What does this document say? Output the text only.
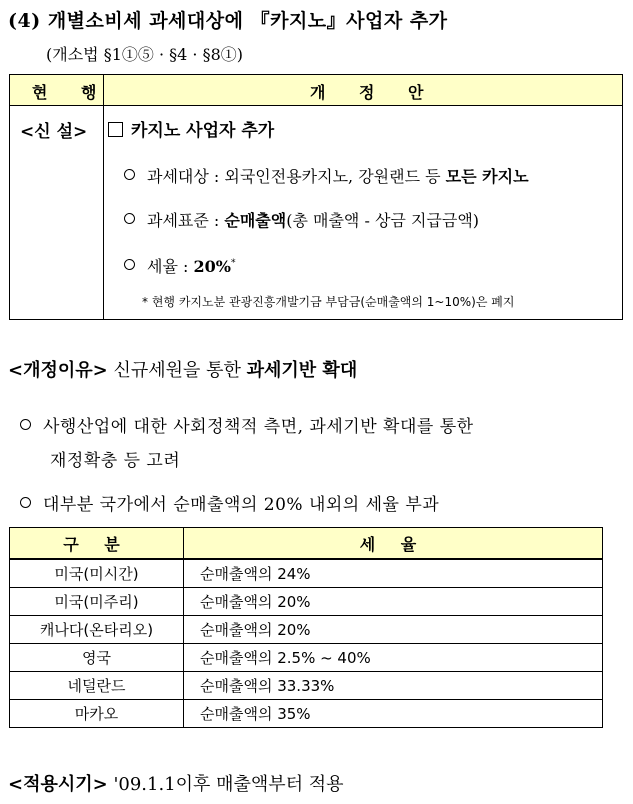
(4) 개별소비세 과세대상에 『카지노』사업자 추가
(개소법 §1①⑤ · §4 · §8①)
현 행	개 정 안
<신 설>	카지노 사업자 추가
과세대상 : 외국인전용카지노, 강원랜드 등 모든 카지노
과세표준 : 순매출액(총 매출액 - 상금 지급금액)
세율 : 20%*
* 현행 카지노분 관광진흥개발기금 부담금(순매출액의 1~10%)은 폐지
<개정이유> 신규세원을 통한 과세기반 확대
사행산업에 대한 사회정책적 측면, 과세기반 확대를 통한
재정확충 등 고려
대부분 국가에서 순매출액의 20% 내외의 세율 부과
구 분	세 율
미국(미시간)	순매출액의 24%
미국(미주리)	순매출액의 20%
캐나다(온타리오)	순매출액의 20%
영국	순매출액의 2.5% ~ 40%
네덜란드	순매출액의 33.33%
마카오	순매출액의 35%
<적용시기> '09.1.1이후 매출액부터 적용
